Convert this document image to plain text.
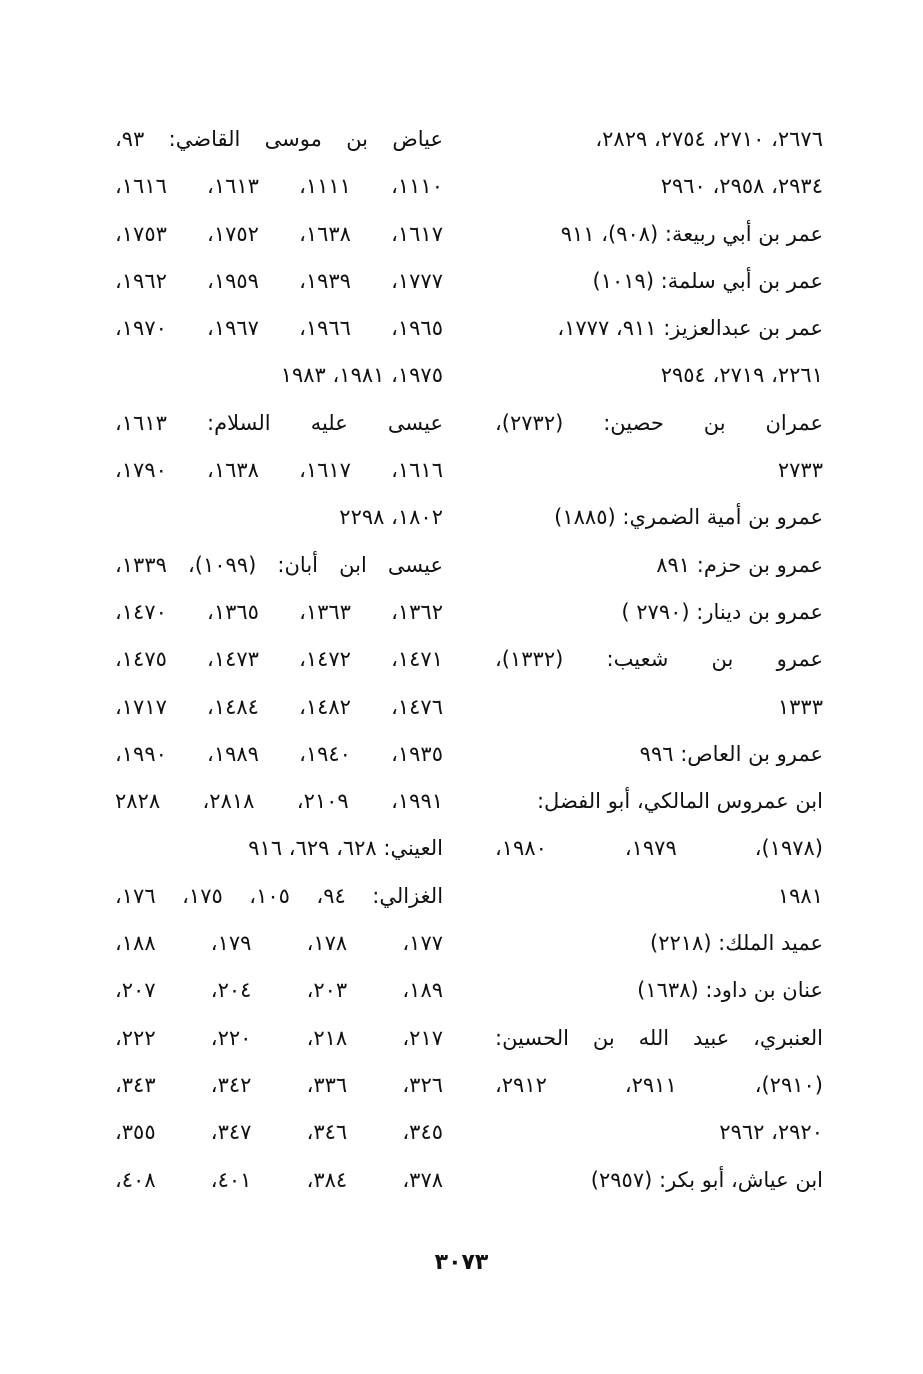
٢٦٧٦، ٢٧١٠، ٢٧٥٤، ٢٨٢٩،
٢٩٣٤، ٢٩٥٨، ٢٩٦٠
عمر بن أبي ربيعة: (٩٠٨)، ٩١١
عمر بن أبي سلمة: (١٠١٩)
عمر بن عبدالعزيز: ٩١١، ١٧٧٧،
٢٢٦١، ٢٧١٩، ٢٩٥٤
عمران بن حصين: (٢٧٣٢)،
٢٧٣٣
عمرو بن أمية الضمري: (١٨٨٥)
عمرو بن حزم: ٨٩١
عمرو بن دينار: (٢٧٩٠ )
عمرو بن شعيب: (١٣٣٢)،
١٣٣٣
عمرو بن العاص: ٩٩٦
ابن عمروس المالكي، أبو الفضل:
(١٩٧٨)، ١٩٧٩، ١٩٨٠،
١٩٨١
عميد الملك: (٢٢١٨)
عنان بن داود: (١٦٣٨)
العنبري، عبيد الله بن الحسين:
(٢٩١٠)، ٢٩١١، ٢٩١٢،
٢٩٢٠، ٢٩٦٢
ابن عياش، أبو بكر: (٢٩٥٧)
عياض بن موسى القاضي: ٩٣،
١١١٠، ١١١١، ١٦١٣، ١٦١٦،
١٦١٧، ١٦٣٨، ١٧٥٢، ١٧٥٣،
١٧٧٧، ١٩٣٩، ١٩٥٩، ١٩٦٢،
١٩٦٥، ١٩٦٦، ١٩٦٧، ١٩٧٠،
١٩٧٥، ١٩٨١، ١٩٨٣
عيسى عليه السلام: ١٦١٣،
١٦١٦، ١٦١٧، ١٦٣٨، ١٧٩٠،
١٨٠٢، ٢٢٩٨
عيسى ابن أبان: (١٠٩٩)، ١٣٣٩،
١٣٦٢، ١٣٦٣، ١٣٦٥، ١٤٧٠،
١٤٧١، ١٤٧٢، ١٤٧٣، ١٤٧٥،
١٤٧٦، ١٤٨٢، ١٤٨٤، ١٧١٧،
١٩٣٥، ١٩٤٠، ١٩٨٩، ١٩٩٠،
١٩٩١، ٢١٠٩، ٢٨١٨، ٢٨٢٨
العيني: ٦٢٨، ٦٢٩، ٩١٦
الغزالي: ٩٤، ١٠٥، ١٧٥، ١٧٦،
١٧٧، ١٧٨، ١٧٩، ١٨٨،
١٨٩، ٢٠٣، ٢٠٤، ٢٠٧،
٢١٧، ٢١٨، ٢٢٠، ٢٢٢،
٣٢٦، ٣٣٦، ٣٤٢، ٣٤٣،
٣٤٥، ٣٤٦، ٣٤٧، ٣٥٥،
٣٧٨، ٣٨٤، ٤٠١، ٤٠٨،
٣٠٧٣
